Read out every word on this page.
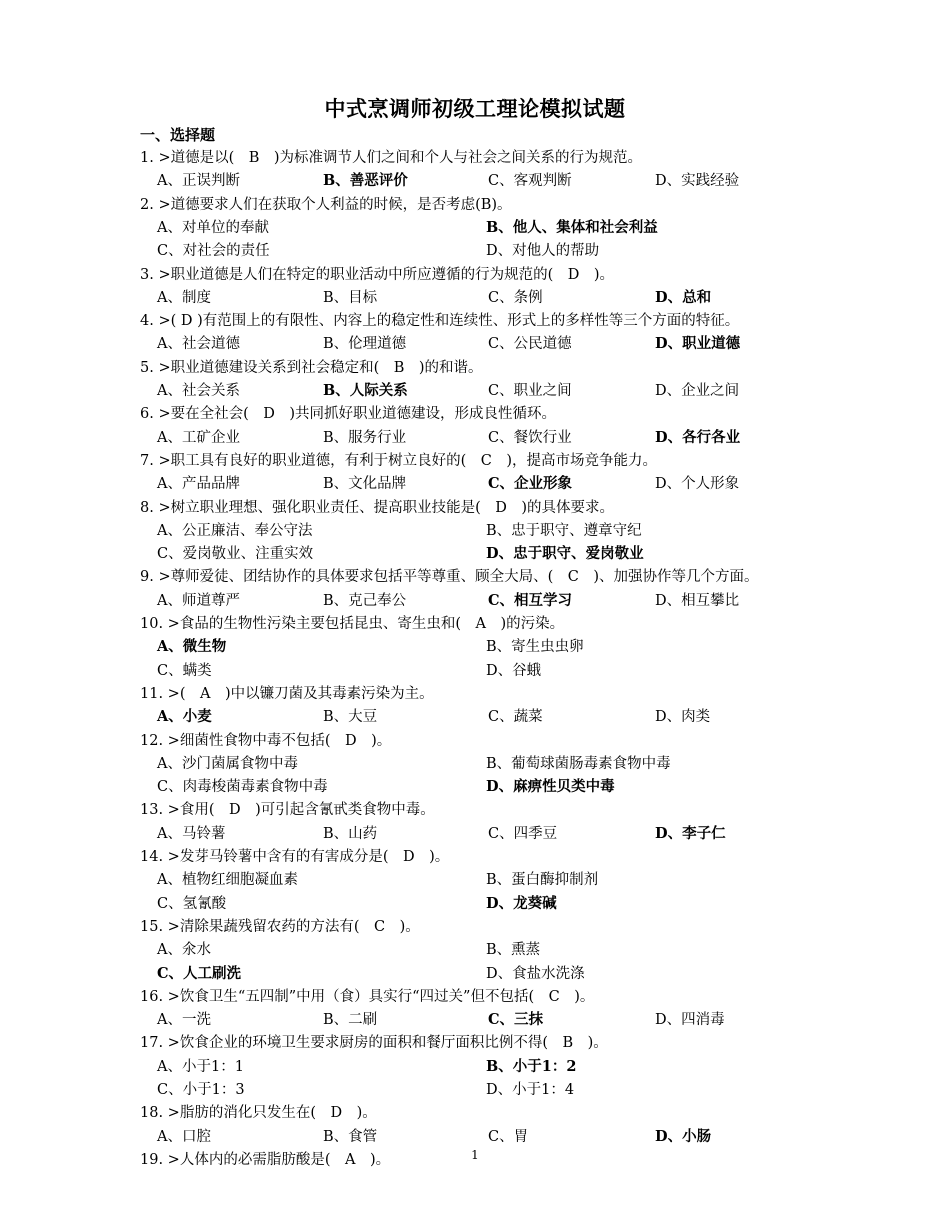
中式烹调师初级工理论模拟试题
一、选择题
1. >道德是以(　B　)为标准调节人们之间和个人与社会之间关系的行为规范。
A、正误判断	B、善恶评价	C、客观判断	D、实践经验
2. >道德要求人们在获取个人利益的时候，是否考虑(B)。
A、对单位的奉献	B、他人、集体和社会利益
C、对社会的责任	D、对他人的帮助
3. >职业道德是人们在特定的职业活动中所应遵循的行为规范的(　D　)。
A、制度	B、目标	C、条例	D、总和
4. >( D )有范围上的有限性、内容上的稳定性和连续性、形式上的多样性等三个方面的特征。
A、社会道德	B、伦理道德	C、公民道德	D、职业道德
5. >职业道德建设关系到社会稳定和(　B　)的和谐。
A、社会关系	B、人际关系	C、职业之间	D、企业之间
6. >要在全社会(　D　)共同抓好职业道德建设，形成良性循环。
A、工矿企业	B、服务行业	C、餐饮行业	D、各行各业
7. >职工具有良好的职业道德，有利于树立良好的(　C　)，提高市场竞争能力。
A、产品品牌	B、文化品牌	C、企业形象	D、个人形象
8. >树立职业理想、强化职业责任、提高职业技能是(　D　)的具体要求。
A、公正廉洁、奉公守法	B、忠于职守、遵章守纪
C、爱岗敬业、注重实效	D、忠于职守、爱岗敬业
9. >尊师爱徒、团结协作的具体要求包括平等尊重、顾全大局、(　C　)、加强协作等几个方面。
A、师道尊严	B、克己奉公	C、相互学习	D、相互攀比
10. >食品的生物性污染主要包括昆虫、寄生虫和(　A　)的污染。
A、微生物	B、寄生虫虫卵
C、螨类	D、谷蛾
11. >(　A　)中以镰刀菌及其毒素污染为主。
A、小麦	B、大豆	C、蔬菜	D、肉类
12. >细菌性食物中毒不包括(　D　)。
A、沙门菌属食物中毒	B、葡萄球菌肠毒素食物中毒
C、肉毒梭菌毒素食物中毒	D、麻痹性贝类中毒
13. >食用(　D　)可引起含氰甙类食物中毒。
A、马铃薯	B、山药	C、四季豆	D、李子仁
14. >发芽马铃薯中含有的有害成分是(　D　)。
A、植物红细胞凝血素	B、蛋白酶抑制剂
C、氢氰酸	D、龙葵碱
15. >清除果蔬残留农药的方法有(　C　)。
A、氽水	B、熏蒸
C、人工刷洗	D、食盐水洗涤
16. >饮食卫生“五四制”中用（食）具实行“四过关”但不包括(　C　)。
A、一洗	B、二刷	C、三抹	D、四消毒
17. >饮食企业的环境卫生要求厨房的面积和餐厅面积比例不得(　B　)。
A、小于1：1	B、小于1：2
C、小于1：3	D、小于1：4
18. >脂肪的消化只发生在(　D　)。
A、口腔	B、食管	C、胃	D、小肠
19. >人体内的必需脂肪酸是(　A　)。	1
